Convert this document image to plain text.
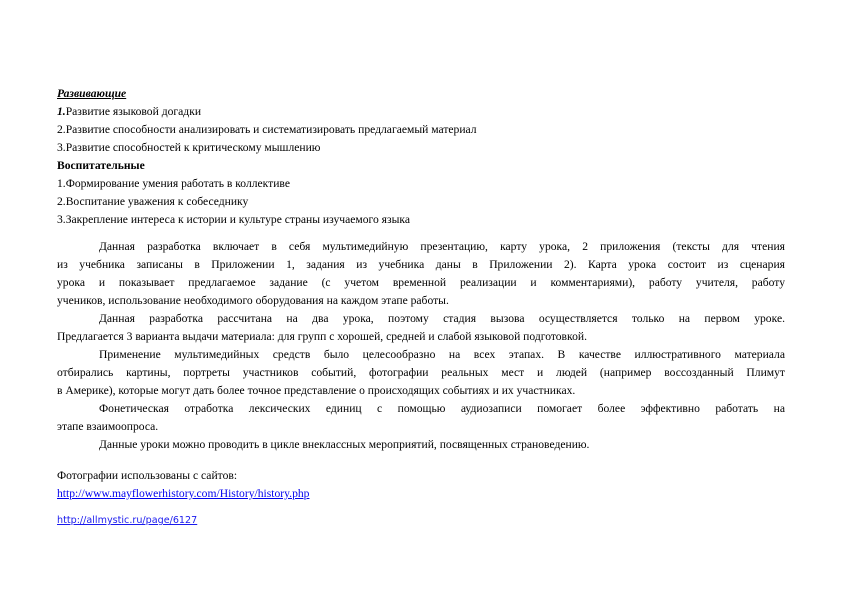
Развивающие
1.Развитие языковой догадки
2.Развитие способности анализировать и систематизировать предлагаемый материал
3.Развитие способностей к критическому мышлению
Воспитательные
1.Формирование умения работать в коллективе
2.Воспитание уважения к собеседнику
3.Закрепление интереса к истории и культуре страны изучаемого языка
Данная разработка включает в себя мультимедийную презентацию, карту урока, 2 приложения (тексты для чтения
из учебника записаны в Приложении 1, задания из учебника даны в Приложении 2). Карта урока состоит из сценария
урока и показывает предлагаемое задание (с учетом временной реализации и комментариями), работу учителя, работу
учеников, использование необходимого оборудования на каждом этапе работы.
Данная разработка рассчитана на два урока, поэтому стадия вызова осуществляется только на первом уроке.
Предлагается 3 варианта выдачи материала: для групп с хорошей, средней и слабой языковой подготовкой.
Применение мультимедийных средств было целесообразно на всех этапах. В качестве иллюстративного материала
отбирались картины, портреты участников событий, фотографии реальных мест и людей (например воссозданный Плимут
в Америке), которые могут дать более точное представление о происходящих событиях и их участниках.
Фонетическая отработка лексических единиц с помощью аудиозаписи помогает более эффективно работать на
этапе взаимоопроса.
Данные уроки можно проводить в цикле внеклассных мероприятий, посвященных страноведению.
Фотографии использованы с сайтов:
http://www.mayflowerhistory.com/History/history.php
http://allmystic.ru/page/6127
